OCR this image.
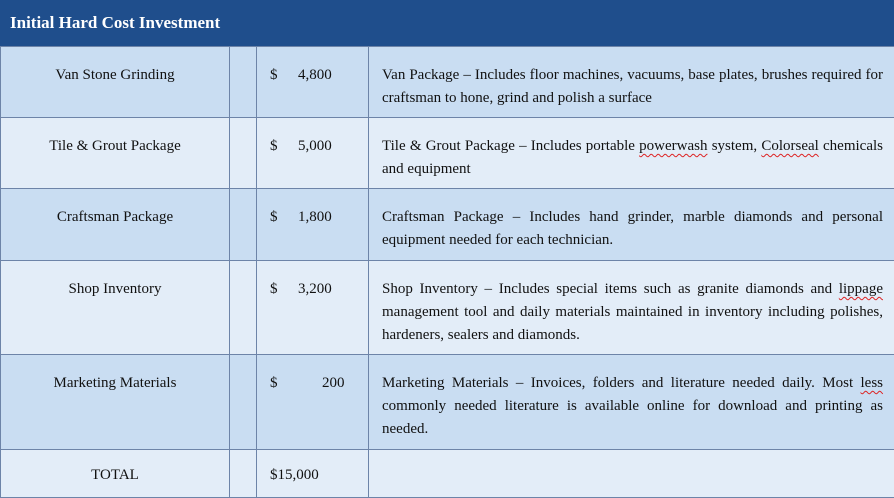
Initial Hard Cost Investment
Van Stone Grinding		$ 4,800	Van Package – Includes floor machines, vacuums, base plates, brushes required for craftsman to hone, grind and polish a surface
Tile & Grout Package		$ 5,000	Tile & Grout Package – Includes portable powerwash system, Colorseal chemicals and equipment
Craftsman Package		$ 1,800	Craftsman Package – Includes hand grinder, marble diamonds and personal equipment needed for each technician.
Shop Inventory		$ 3,200	Shop Inventory – Includes special items such as granite diamonds and lippage management tool and daily materials maintained in inventory including polishes, hardeners, sealers and diamonds.
Marketing Materials		$ 200	Marketing Materials – Invoices, folders and literature needed daily. Most less commonly needed literature is available online for download and printing as needed.
TOTAL		$15,000	
